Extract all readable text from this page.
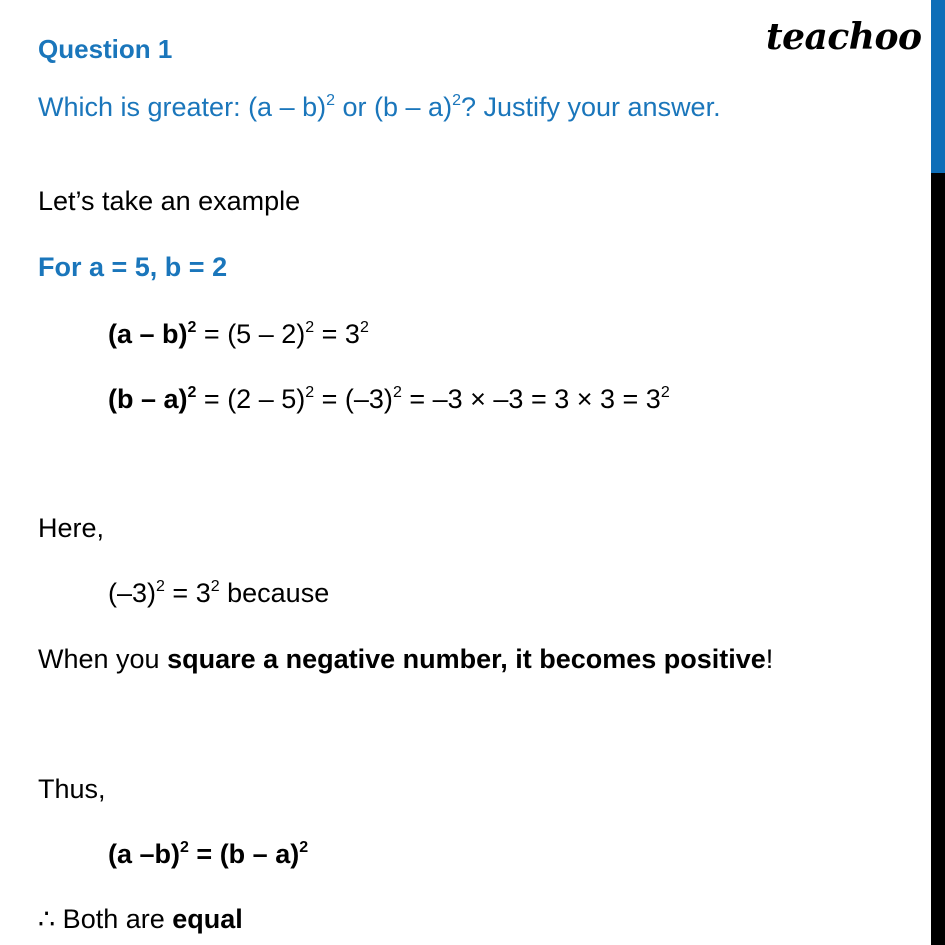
teachoo
Question 1
Which is greater: (a – b)$^2$ or (b – a)$^2$? Justify your answer.
Let’s take an example
For a = 5, b = 2
$(a - b)^2 = (5 - 2)^2 = 3^2$
$(b - a)^2 = (2 - 5)^2 = (-3)^2 = -3 \times -3 = 3 \times 3 = 3^2$
Here,
$(-3)^2 = 3^2$ because
When you square a negative number, it becomes positive!
Thus,
(a –b)$^2$ = (b – a)$^2$
∴ Both are equal
